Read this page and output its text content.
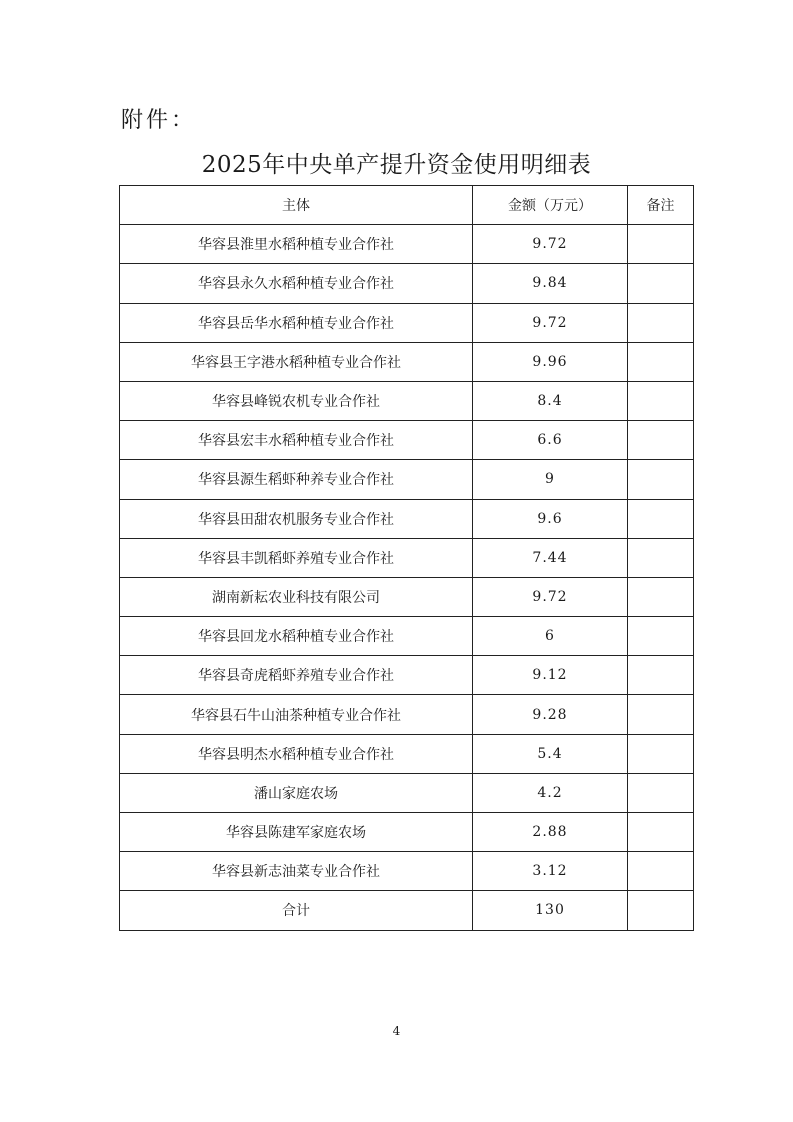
附件：
2025年中央单产提升资金使用明细表
主体	金额（万元）	备注
华容县淮里水稻种植专业合作社	9.72	
华容县永久水稻种植专业合作社	9.84	
华容县岳华水稻种植专业合作社	9.72	
华容县王字港水稻种植专业合作社	9.96	
华容县峰锐农机专业合作社	8.4	
华容县宏丰水稻种植专业合作社	6.6	
华容县源生稻虾种养专业合作社	9	
华容县田甜农机服务专业合作社	9.6	
华容县丰凯稻虾养殖专业合作社	7.44	
湖南新耘农业科技有限公司	9.72	
华容县回龙水稻种植专业合作社	6	
华容县奇虎稻虾养殖专业合作社	9.12	
华容县石牛山油茶种植专业合作社	9.28	
华容县明杰水稻种植专业合作社	5.4	
潘山家庭农场	4.2	
华容县陈建军家庭农场	2.88	
华容县新志油菜专业合作社	3.12	
合计	130	
4
